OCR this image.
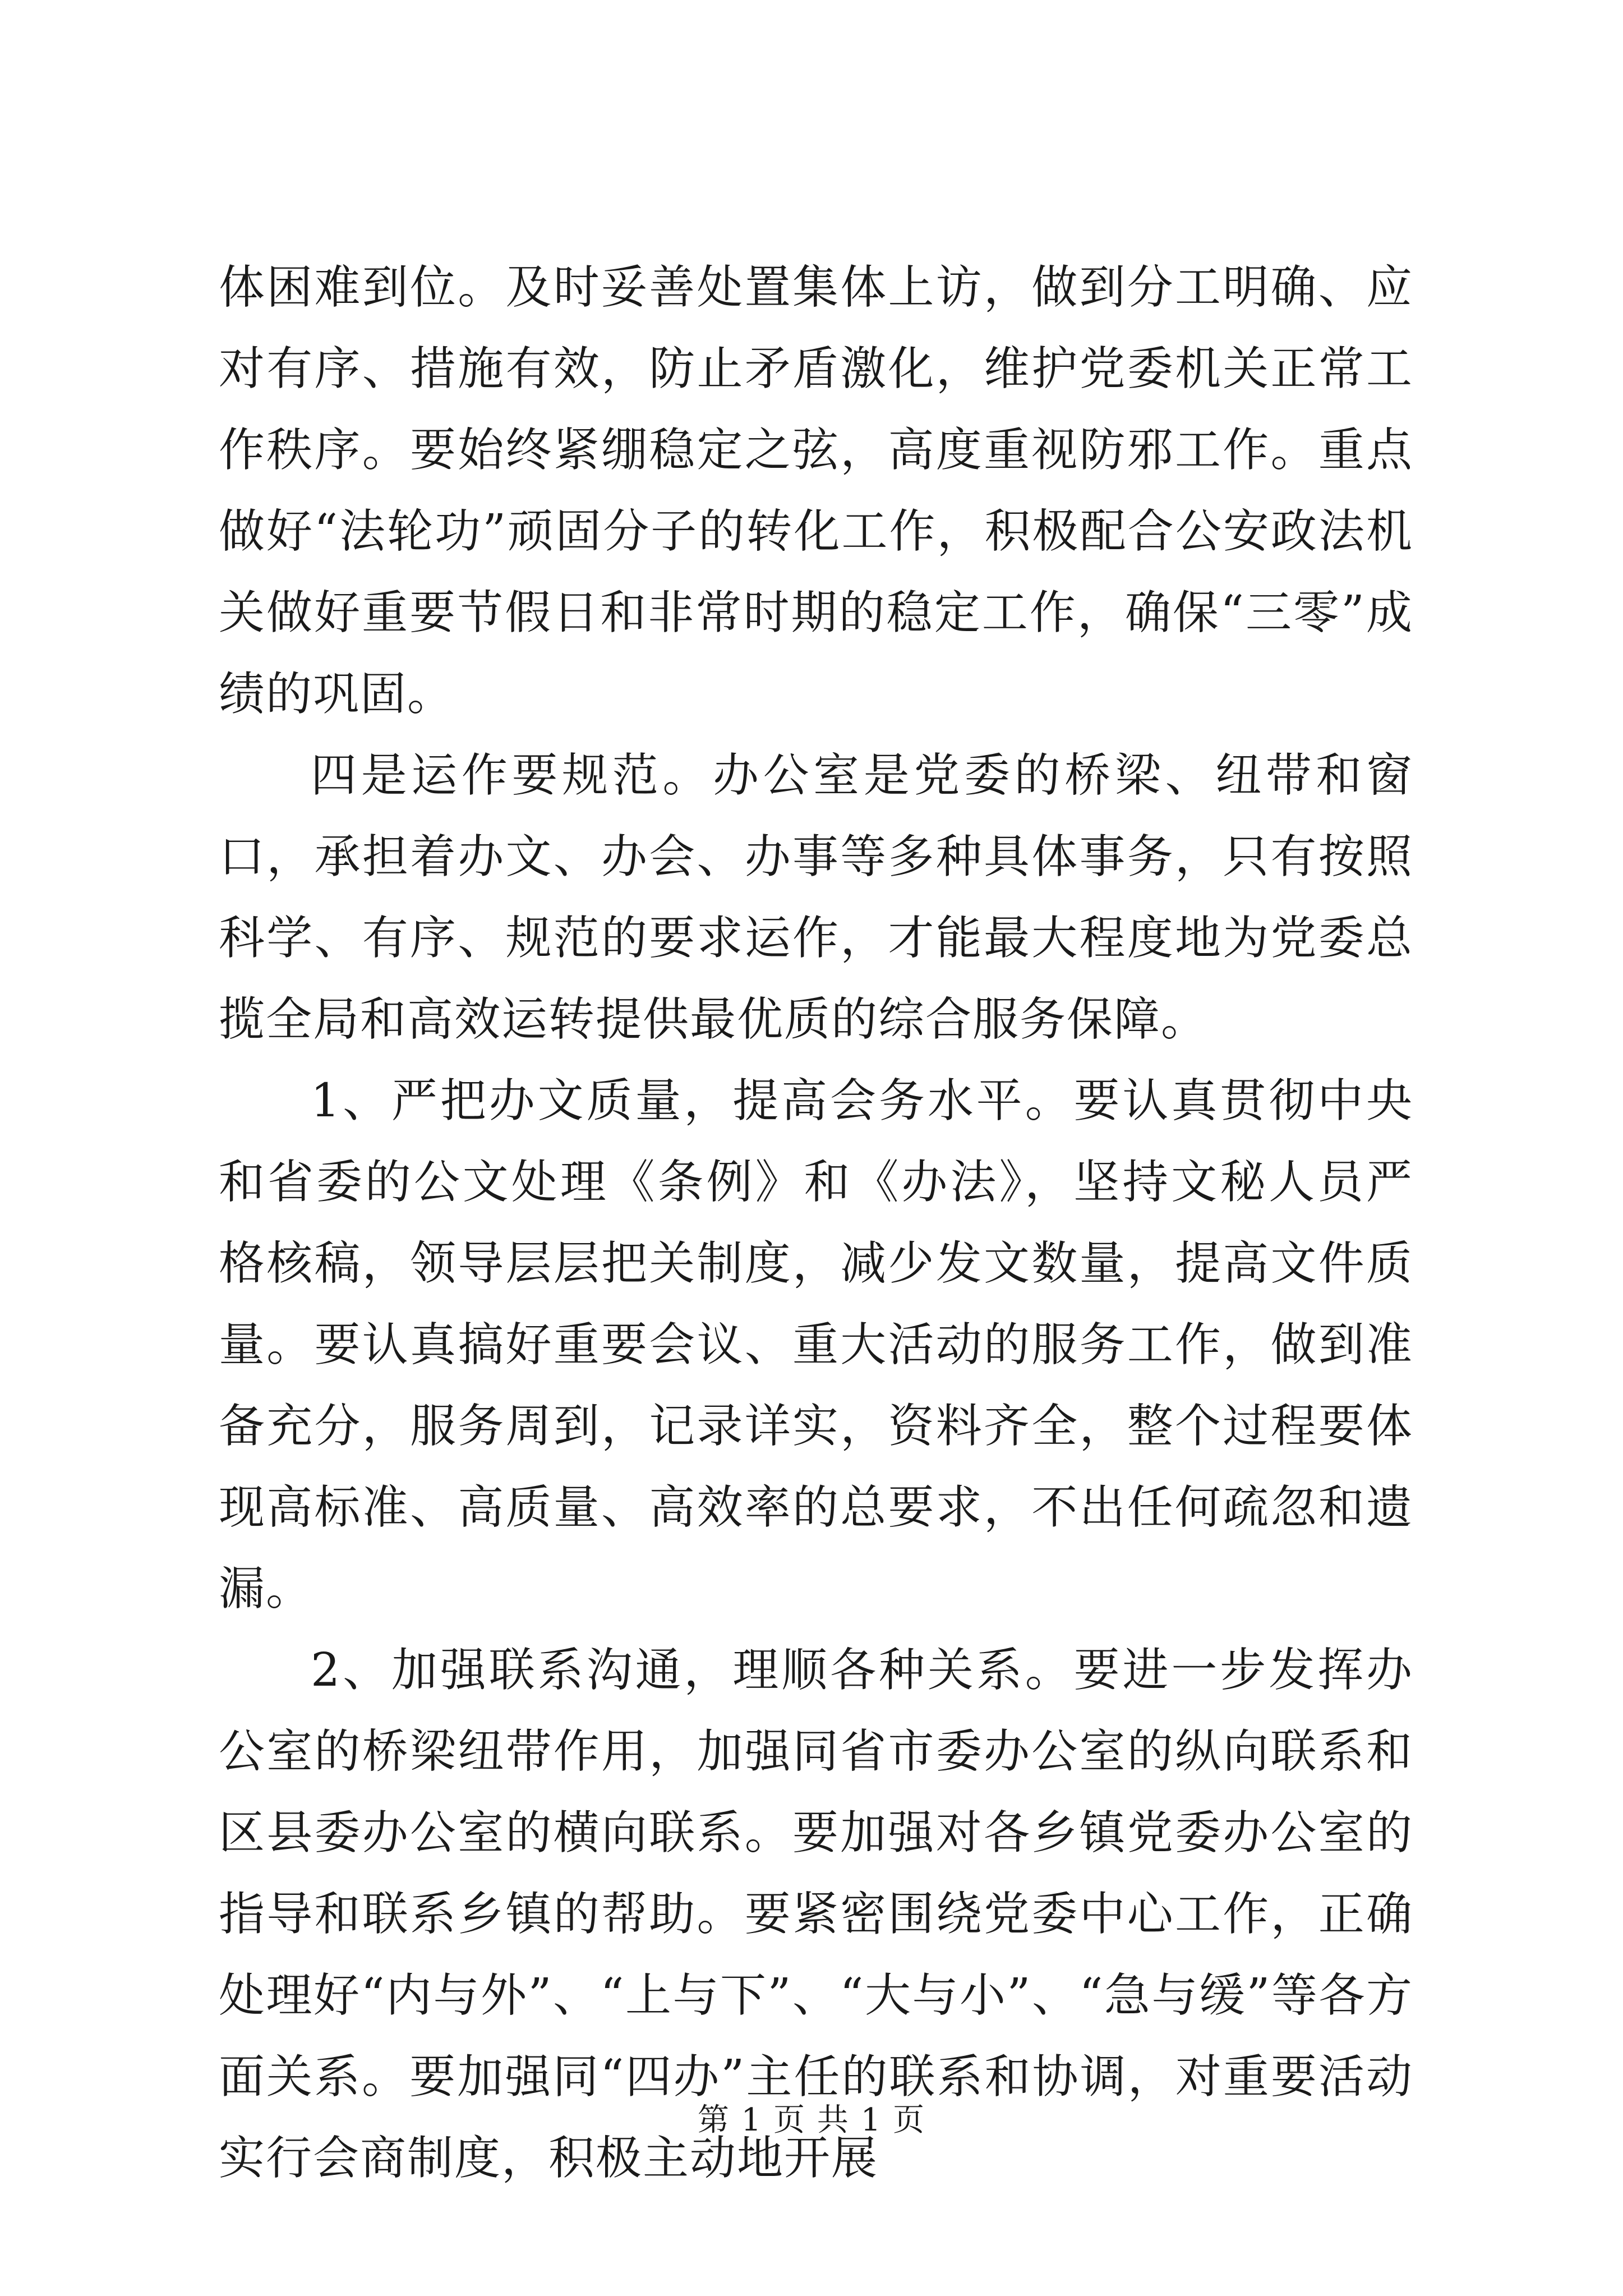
体困难到位。及时妥善处置集体上访，做到分工明确、应对有序、措施有效，防止矛盾激化，维护党委机关正常工作秩序。要始终紧绷稳定之弦，高度重视防邪工作。重点做好“法轮功”顽固分子的转化工作，积极配合公安政法机关做好重要节假日和非常时期的稳定工作，确保“三零”成绩的巩固。

四是运作要规范。办公室是党委的桥梁、纽带和窗口，承担着办文、办会、办事等多种具体事务，只有按照科学、有序、规范的要求运作，才能最大程度地为党委总揽全局和高效运转提供最优质的综合服务保障。

1、严把办文质量，提高会务水平。要认真贯彻中央和省委的公文处理《条例》和《办法》，坚持文秘人员严格核稿，领导层层把关制度，减少发文数量，提高文件质量。要认真搞好重要会议、重大活动的服务工作，做到准备充分，服务周到，记录详实，资料齐全，整个过程要体现高标准、高质量、高效率的总要求，不出任何疏忽和遗漏。

2、加强联系沟通，理顺各种关系。要进一步发挥办公室的桥梁纽带作用，加强同省市委办公室的纵向联系和区县委办公室的横向联系。要加强对各乡镇党委办公室的指导和联系乡镇的帮助。要紧密围绕党委中心工作，正确处理好“内与外”、“上与下”、“大与小”、“急与缓”等各方面关系。要加强同“四办”主任的联系和协调，对重要活动实行会商制度，积极主动地开展

第 1 页 共 1 页
